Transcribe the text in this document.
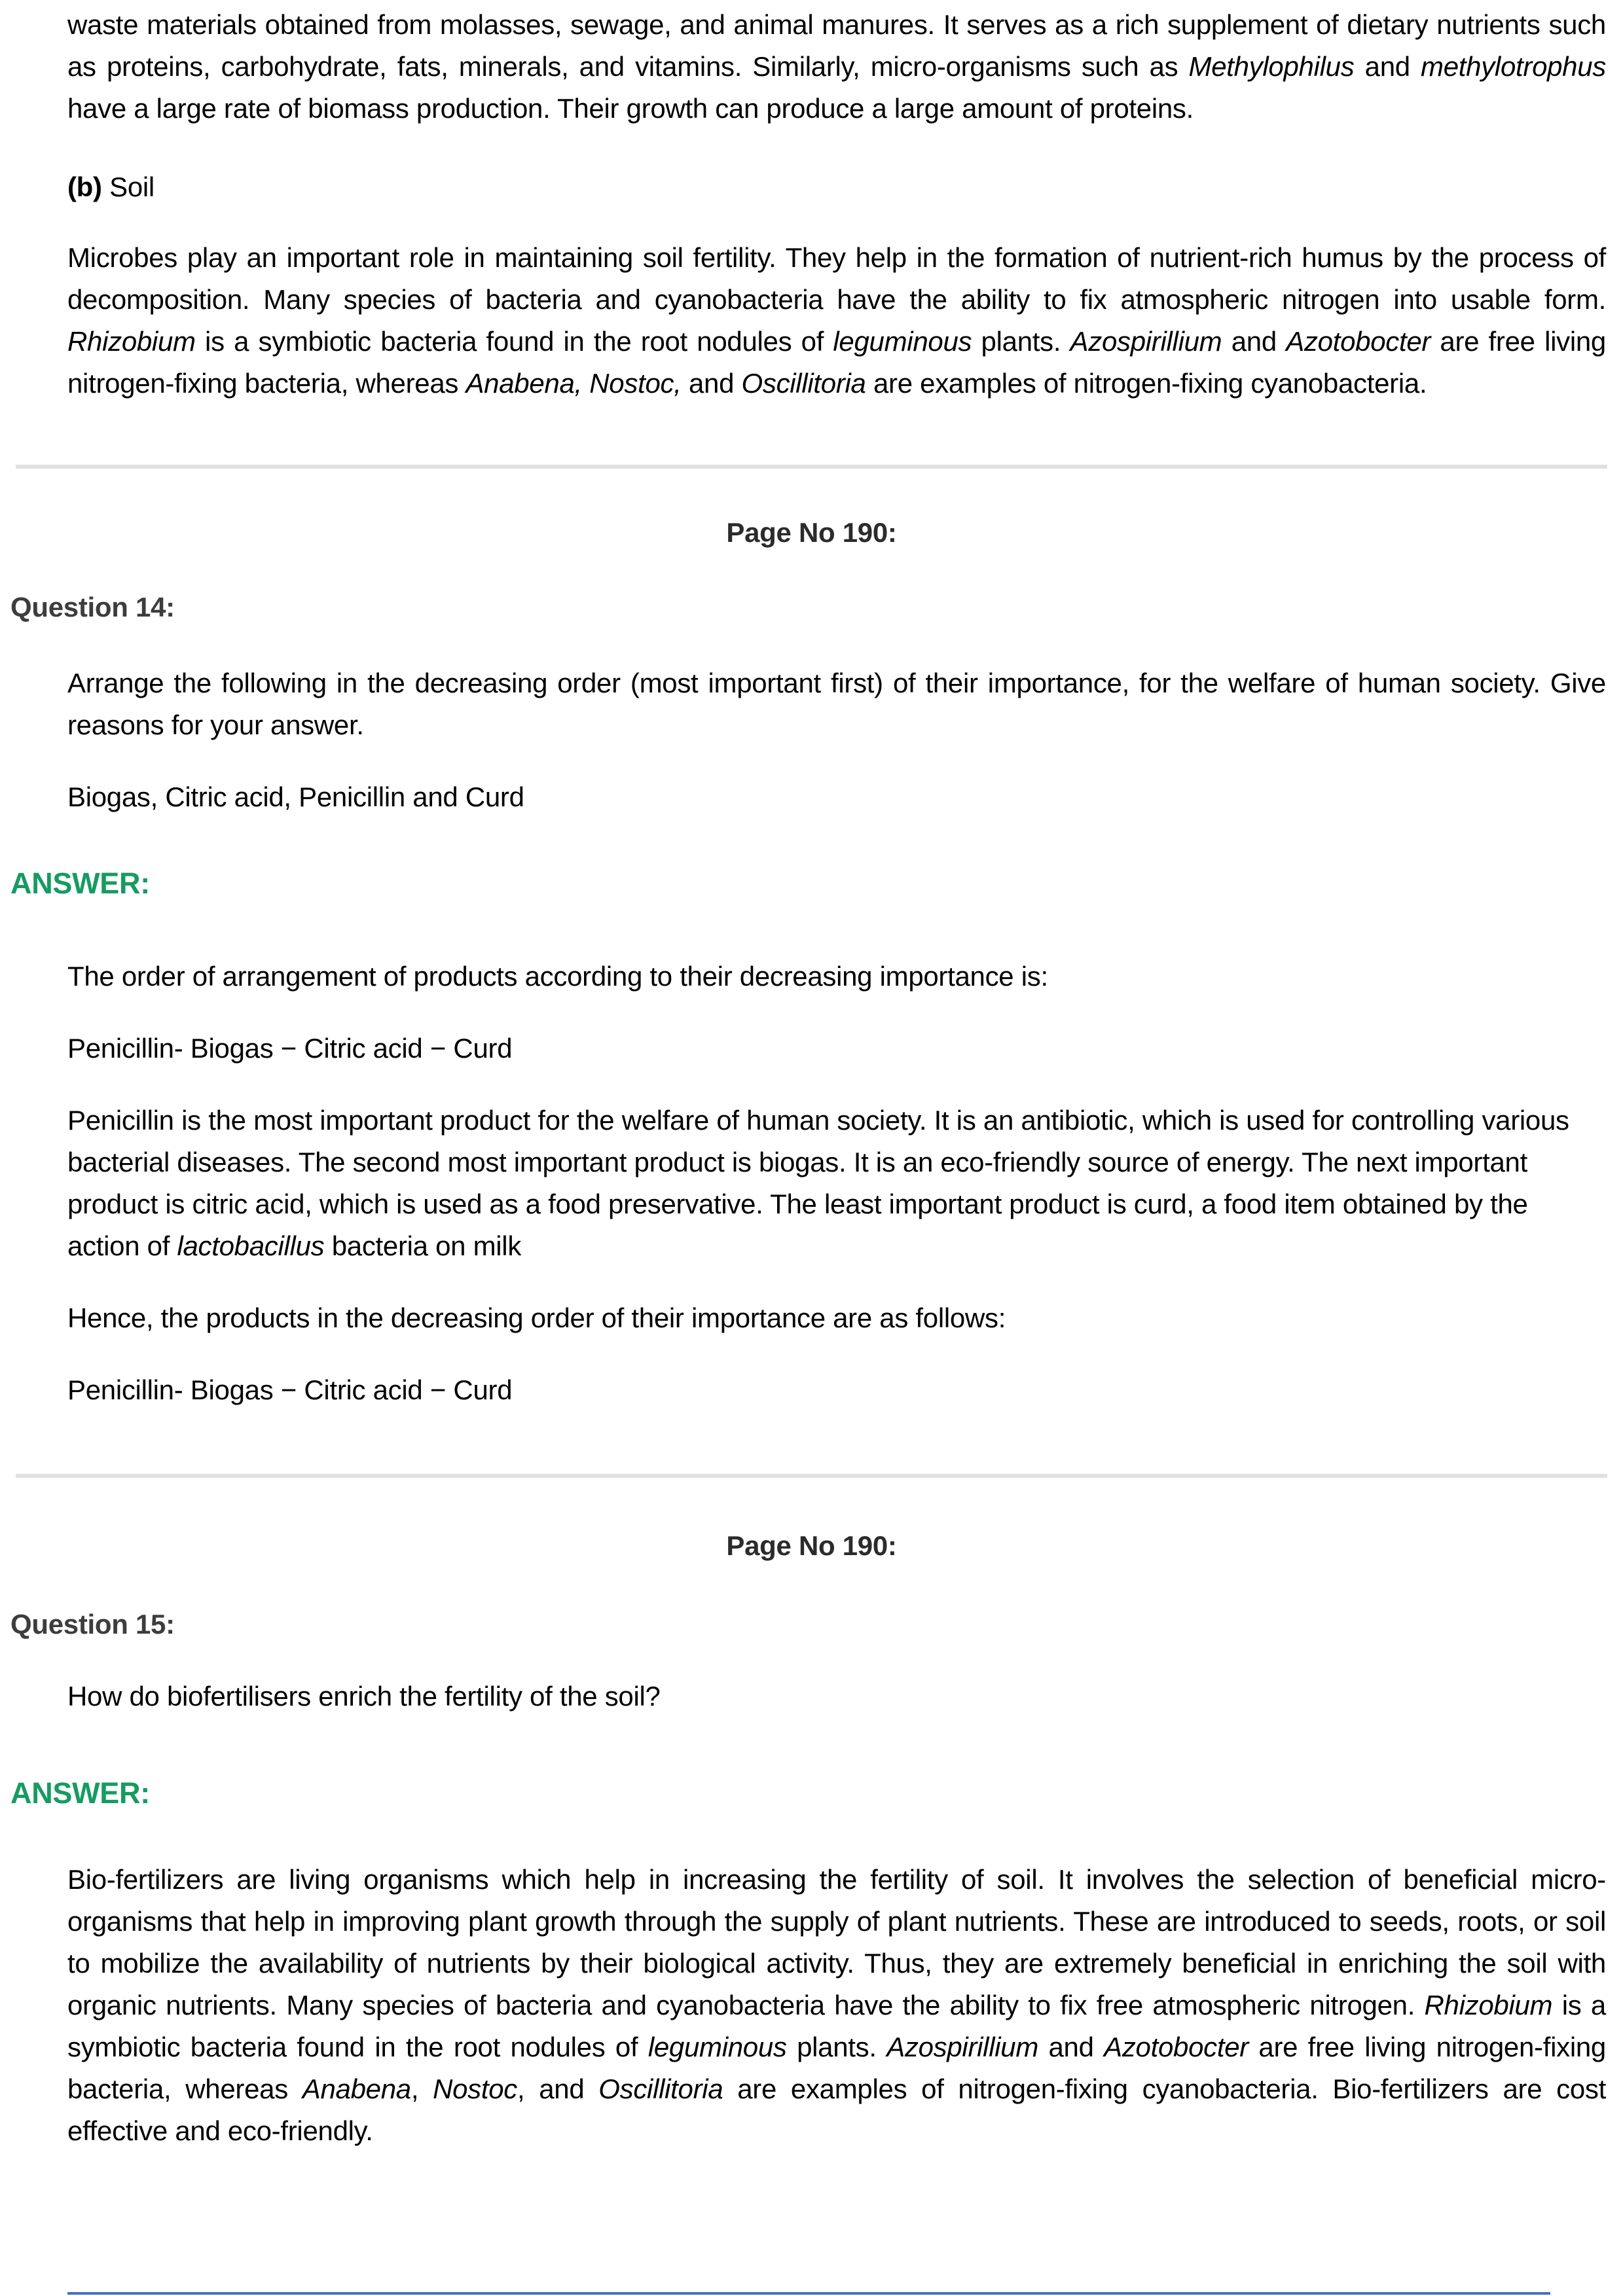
waste materials obtained from molasses, sewage, and animal manures. It serves as a rich supplement of dietary nutrients such as proteins, carbohydrate, fats, minerals, and vitamins. Similarly, micro-organisms such as Methylophilus and methylotrophus have a large rate of biomass production. Their growth can produce a large amount of proteins.

(b) Soil

Microbes play an important role in maintaining soil fertility. They help in the formation of nutrient-rich humus by the process of decomposition. Many species of bacteria and cyanobacteria have the ability to fix atmospheric nitrogen into usable form. Rhizobium is a symbiotic bacteria found in the root nodules of leguminous plants. Azospirillium and Azotobocter are free living nitrogen-fixing bacteria, whereas Anabena, Nostoc, and Oscillitoria are examples of nitrogen-fixing cyanobacteria.

Page No 190:
Question 14:

Arrange the following in the decreasing order (most important first) of their importance, for the welfare of human society. Give reasons for your answer.

Biogas, Citric acid, Penicillin and Curd

ANSWER:

The order of arrangement of products according to their decreasing importance is:

Penicillin- Biogas − Citric acid − Curd

Penicillin is the most important product for the welfare of human society. It is an antibiotic, which is used for controlling various bacterial diseases. The second most important product is biogas. It is an eco-friendly source of energy. The next important product is citric acid, which is used as a food preservative. The least important product is curd, a food item obtained by the action of lactobacillus bacteria on milk

Hence, the products in the decreasing order of their importance are as follows:

Penicillin- Biogas − Citric acid − Curd

Page No 190:
Question 15:

How do biofertilisers enrich the fertility of the soil?

ANSWER:

Bio-fertilizers are living organisms which help in increasing the fertility of soil. It involves the selection of beneficial micro-organisms that help in improving plant growth through the supply of plant nutrients. These are introduced to seeds, roots, or soil to mobilize the availability of nutrients by their biological activity. Thus, they are extremely beneficial in enriching the soil with organic nutrients. Many species of bacteria and cyanobacteria have the ability to fix free atmospheric nitrogen. Rhizobium is a symbiotic bacteria found in the root nodules of leguminous plants. Azospirillium and Azotobocter are free living nitrogen-fixing bacteria, whereas Anabena, Nostoc, and Oscillitoria are examples of nitrogen-fixing cyanobacteria. Bio-fertilizers are cost effective and eco-friendly.
